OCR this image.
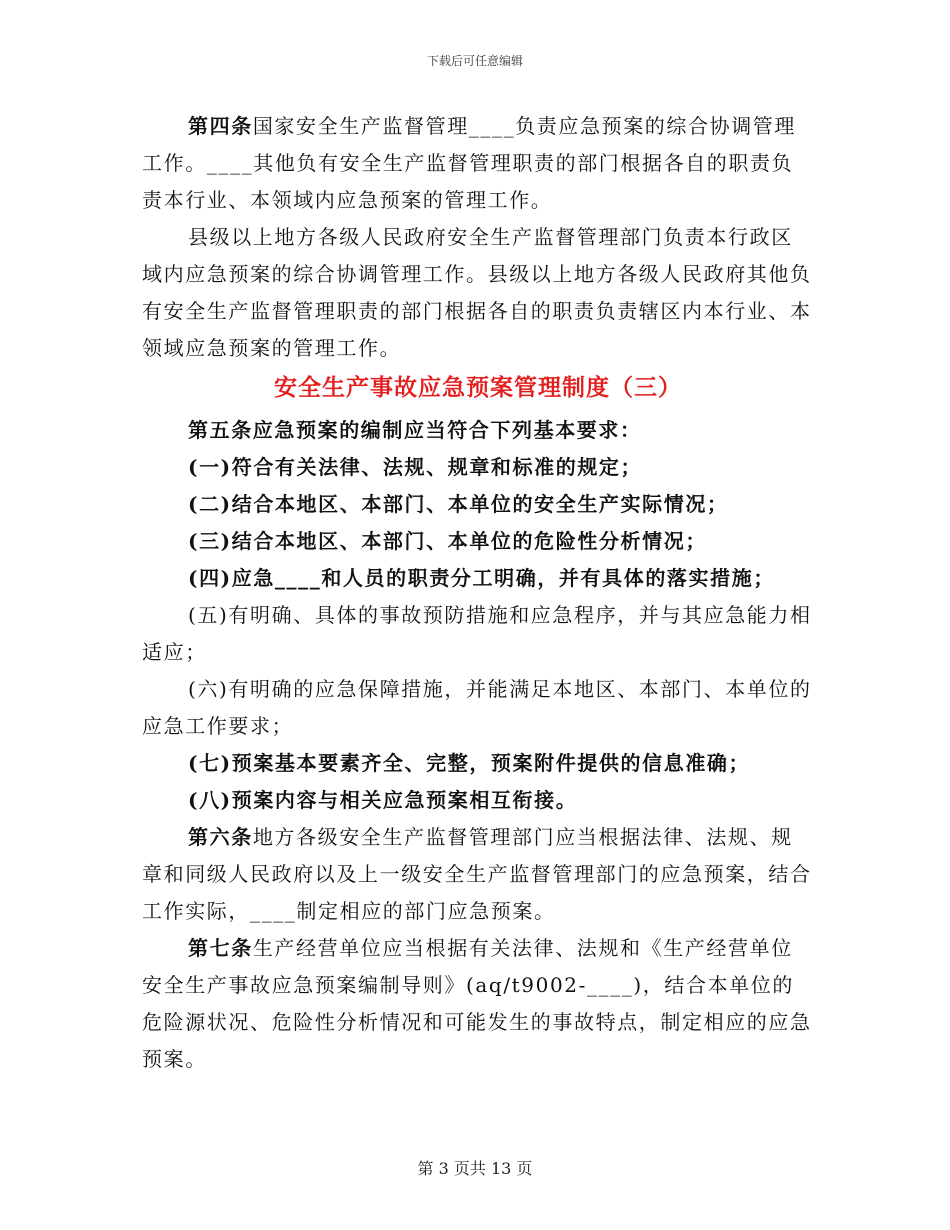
下载后可任意编辑

第四条国家安全生产监督管理____负责应急预案的综合协调管理工作。____其他负有安全生产监督管理职责的部门根据各自的职责负责本行业、本领域内应急预案的管理工作。

县级以上地方各级人民政府安全生产监督管理部门负责本行政区域内应急预案的综合协调管理工作。县级以上地方各级人民政府其他负有安全生产监督管理职责的部门根据各自的职责负责辖区内本行业、本领域应急预案的管理工作。

安全生产事故应急预案管理制度（三）

第五条应急预案的编制应当符合下列基本要求：

(一)符合有关法律、法规、规章和标准的规定；

(二)结合本地区、本部门、本单位的安全生产实际情况；

(三)结合本地区、本部门、本单位的危险性分析情况；

(四)应急____和人员的职责分工明确，并有具体的落实措施；

(五)有明确、具体的事故预防措施和应急程序，并与其应急能力相适应；

(六)有明确的应急保障措施，并能满足本地区、本部门、本单位的应急工作要求；

(七)预案基本要素齐全、完整，预案附件提供的信息准确；

(八)预案内容与相关应急预案相互衔接。

第六条地方各级安全生产监督管理部门应当根据法律、法规、规章和同级人民政府以及上一级安全生产监督管理部门的应急预案，结合工作实际，____制定相应的部门应急预案。

第七条生产经营单位应当根据有关法律、法规和《生产经营单位安全生产事故应急预案编制导则》(aq/t9002-____)，结合本单位的危险源状况、危险性分析情况和可能发生的事故特点，制定相应的应急预案。

第 3 页共 13 页
